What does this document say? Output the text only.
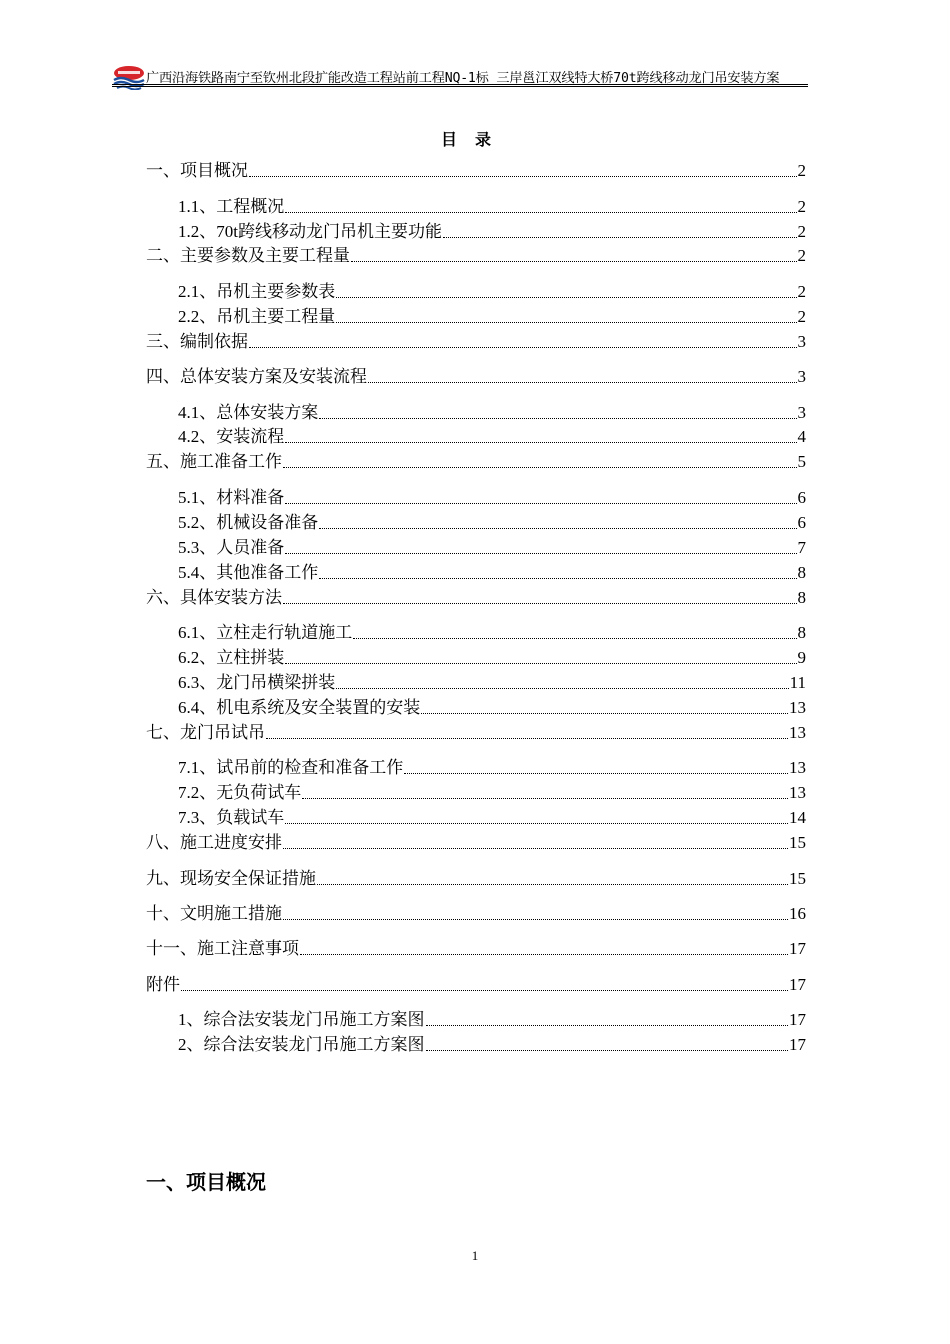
广西沿海铁路南宁至钦州北段扩能改造工程站前工程NQ-1标 三岸邕江双线特大桥70t跨线移动龙门吊安装方案
目录
一、项目概况	2
1.1、工程概况	2
1.2、70t跨线移动龙门吊机主要功能	2
二、主要参数及主要工程量	2
2.1、吊机主要参数表	2
2.2、吊机主要工程量	2
三、编制依据	3
四、总体安装方案及安装流程	3
4.1、总体安装方案	3
4.2、安装流程	4
五、施工准备工作	5
5.1、材料准备	6
5.2、机械设备准备	6
5.3、人员准备	7
5.4、其他准备工作	8
六、具体安装方法	8
6.1、立柱走行轨道施工	8
6.2、立柱拼装	9
6.3、龙门吊横梁拼装	11
6.4、机电系统及安全装置的安装	13
七、龙门吊试吊	13
7.1、试吊前的检查和准备工作	13
7.2、无负荷试车	13
7.3、负载试车	14
八、施工进度安排	15
九、现场安全保证措施	15
十、文明施工措施	16
十一、施工注意事项	17
附件	17
1、综合法安装龙门吊施工方案图	17
2、综合法安装龙门吊施工方案图	17
一、项目概况
1
